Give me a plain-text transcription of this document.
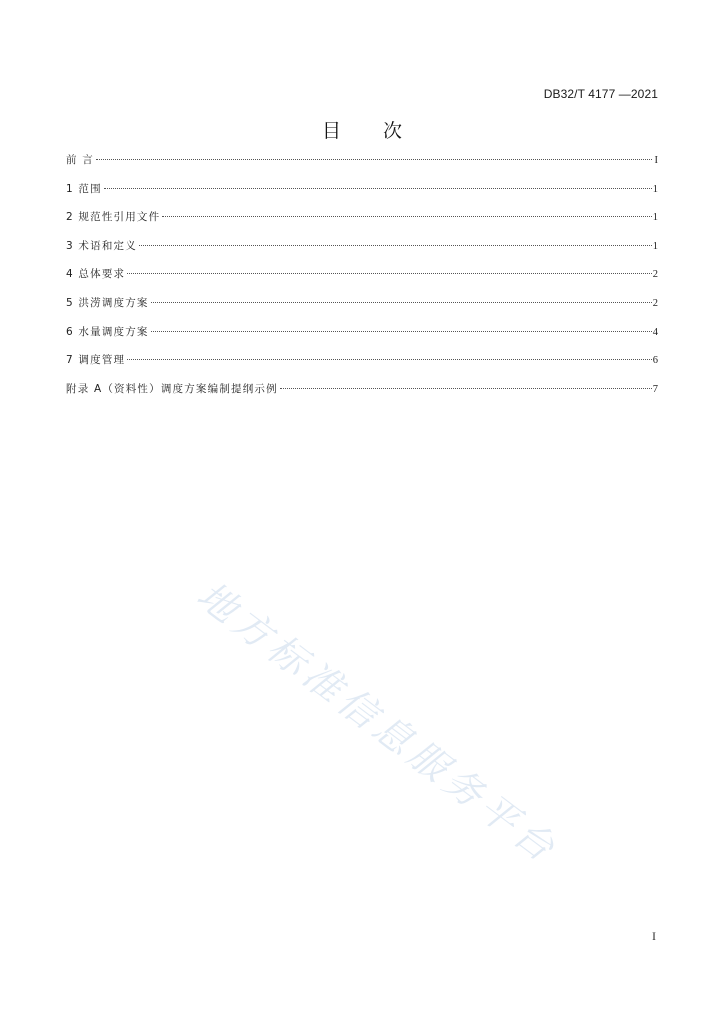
DB32/T 4177 —2021
目 次
前 言	I
1 范围	1
2 规范性引用文件	1
3 术语和定义	1
4 总体要求	2
5 洪涝调度方案	2
6 水量调度方案	4
7 调度管理	6
附录 A（资料性）调度方案编制提纲示例	7
地方标准信息服务平台
I
